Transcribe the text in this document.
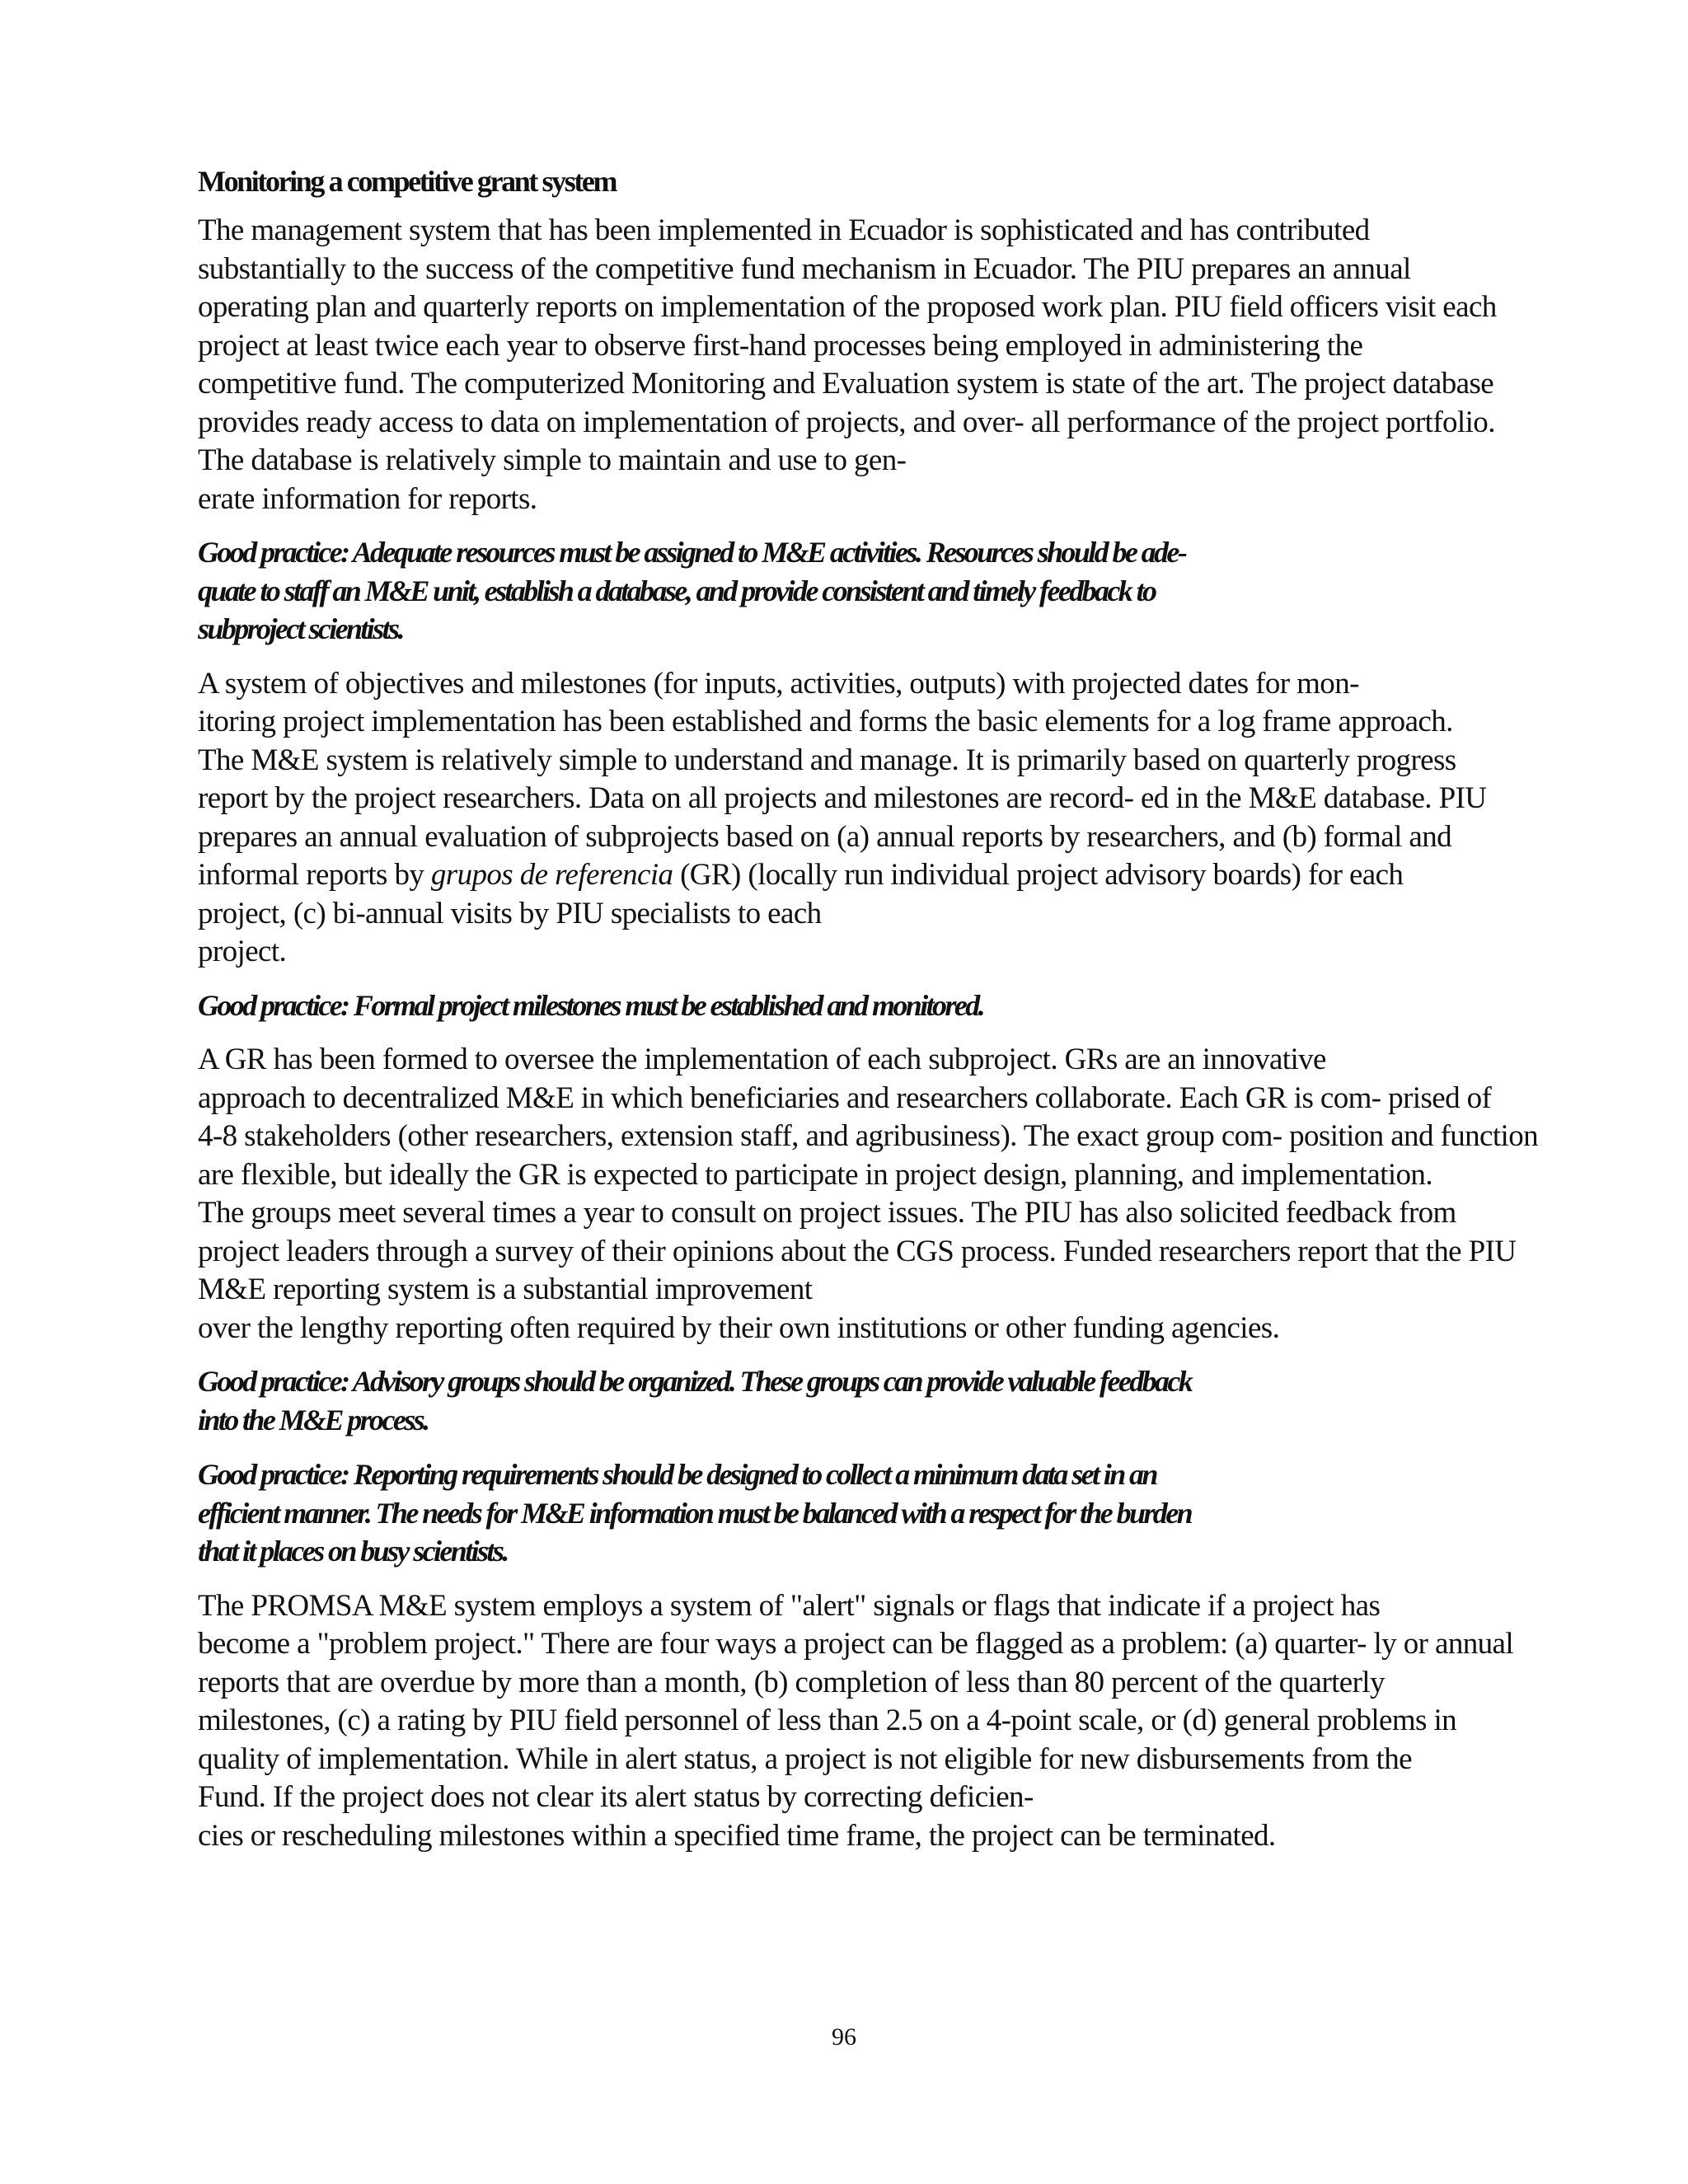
Monitoring a competitive grant system
The management system that has been implemented in Ecuador is sophisticated and has contributed
substantially to the success of the competitive fund mechanism in Ecuador. The PIU prepares an annual
operating plan and quarterly reports on implementation of the proposed work plan. PIU field officers visit each
project at least twice each year to observe first-hand processes being employed in administering the
competitive fund. The computerized Monitoring and Evaluation system is state of the art. The project database
provides ready access to data on implementation of projects, and over- all performance of the project portfolio.
The database is relatively simple to maintain and use to gen-
erate information for reports.
Good practice: Adequate resources must be assigned to M&E activities. Resources should be ade-
quate to staff an M&E unit, establish a database, and provide consistent and timely feedback to
subproject scientists.
A system of objectives and milestones (for inputs, activities, outputs) with projected dates for mon-
itoring project implementation has been established and forms the basic elements for a log frame approach.
The M&E system is relatively simple to understand and manage. It is primarily based on quarterly progress
report by the project researchers. Data on all projects and milestones are record- ed in the M&E database. PIU
prepares an annual evaluation of subprojects based on (a) annual reports by researchers, and (b) formal and
informal reports by grupos de referencia (GR) (locally run individual project advisory boards) for each
project, (c) bi-annual visits by PIU specialists to each
project.
Good practice: Formal project milestones must be established and monitored.
A GR has been formed to oversee the implementation of each subproject. GRs are an innovative
approach to decentralized M&E in which beneficiaries and researchers collaborate. Each GR is com- prised of
4-8 stakeholders (other researchers, extension staff, and agribusiness). The exact group com- position and function
are flexible, but ideally the GR is expected to participate in project design, planning, and implementation.
The groups meet several times a year to consult on project issues. The PIU has also solicited feedback from
project leaders through a survey of their opinions about the CGS process. Funded researchers report that the PIU
M&E reporting system is a substantial improvement
over the lengthy reporting often required by their own institutions or other funding agencies.
Good practice: Advisory groups should be organized. These groups can provide valuable feedback
into the M&E process.
Good practice: Reporting requirements should be designed to collect a minimum data set in an
efficient manner. The needs for M&E information must be balanced with a respect for the burden
that it places on busy scientists.
The PROMSA M&E system employs a system of "alert" signals or flags that indicate if a project has
become a "problem project." There are four ways a project can be flagged as a problem: (a) quarter- ly or annual
reports that are overdue by more than a month, (b) completion of less than 80 percent of the quarterly
milestones, (c) a rating by PIU field personnel of less than 2.5 on a 4-point scale, or (d) general problems in
quality of implementation. While in alert status, a project is not eligible for new disbursements from the
Fund. If the project does not clear its alert status by correcting deficien-
cies or rescheduling milestones within a specified time frame, the project can be terminated.
96
